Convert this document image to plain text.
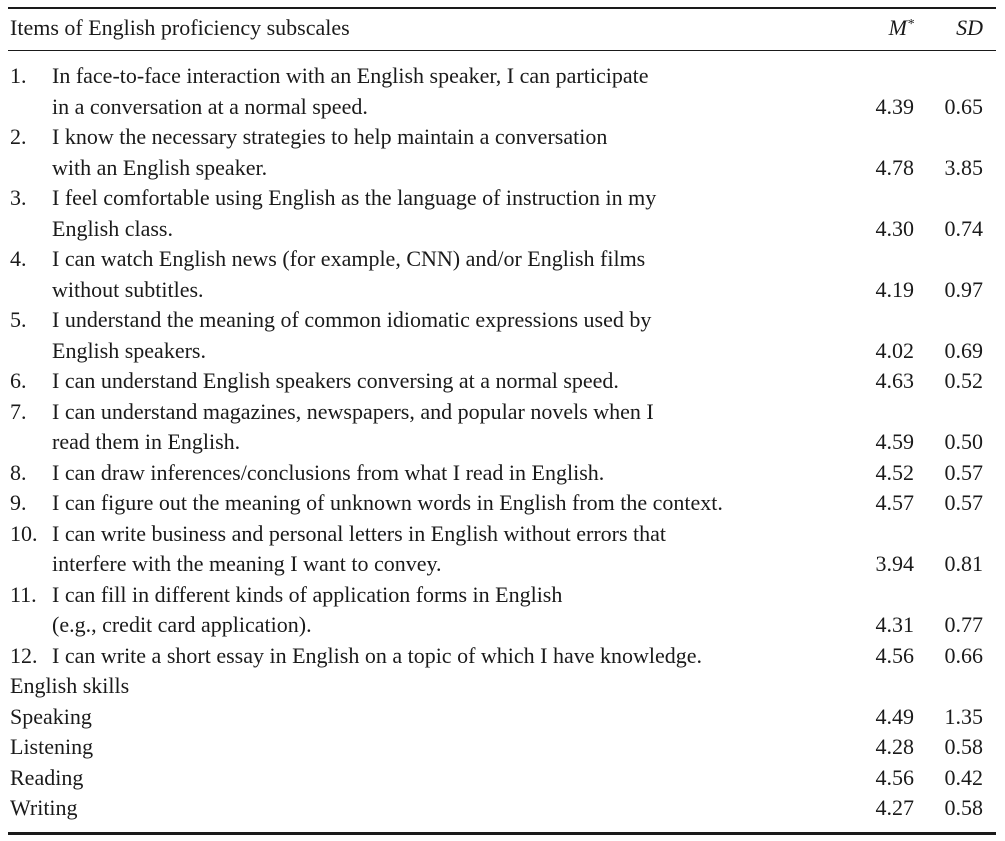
Items of English proficiency subscales	M* SD
1. In face-to-face interaction with an English speaker, I can participate
in a conversation at a normal speed.	4.39 0.65
2. I know the necessary strategies to help maintain a conversation
with an English speaker.	4.78 3.85
3. I feel comfortable using English as the language of instruction in my
English class.	4.30 0.74
4. I can watch English news (for example, CNN) and/or English films
without subtitles.	4.19 0.97
5. I understand the meaning of common idiomatic expressions used by
English speakers.	4.02 0.69
6. I can understand English speakers conversing at a normal speed.	4.63 0.52
7. I can understand magazines, newspapers, and popular novels when I
read them in English.	4.59 0.50
8. I can draw inferences/conclusions from what I read in English.	4.52 0.57
9. I can figure out the meaning of unknown words in English from the context.	4.57 0.57
10. I can write business and personal letters in English without errors that
interfere with the meaning I want to convey.	3.94 0.81
11. I can fill in different kinds of application forms in English
(e.g., credit card application).	4.31 0.77
12. I can write a short essay in English on a topic of which I have knowledge.	4.56 0.66
English skills
Speaking	4.49 1.35
Listening	4.28 0.58
Reading	4.56 0.42
Writing	4.27 0.58
